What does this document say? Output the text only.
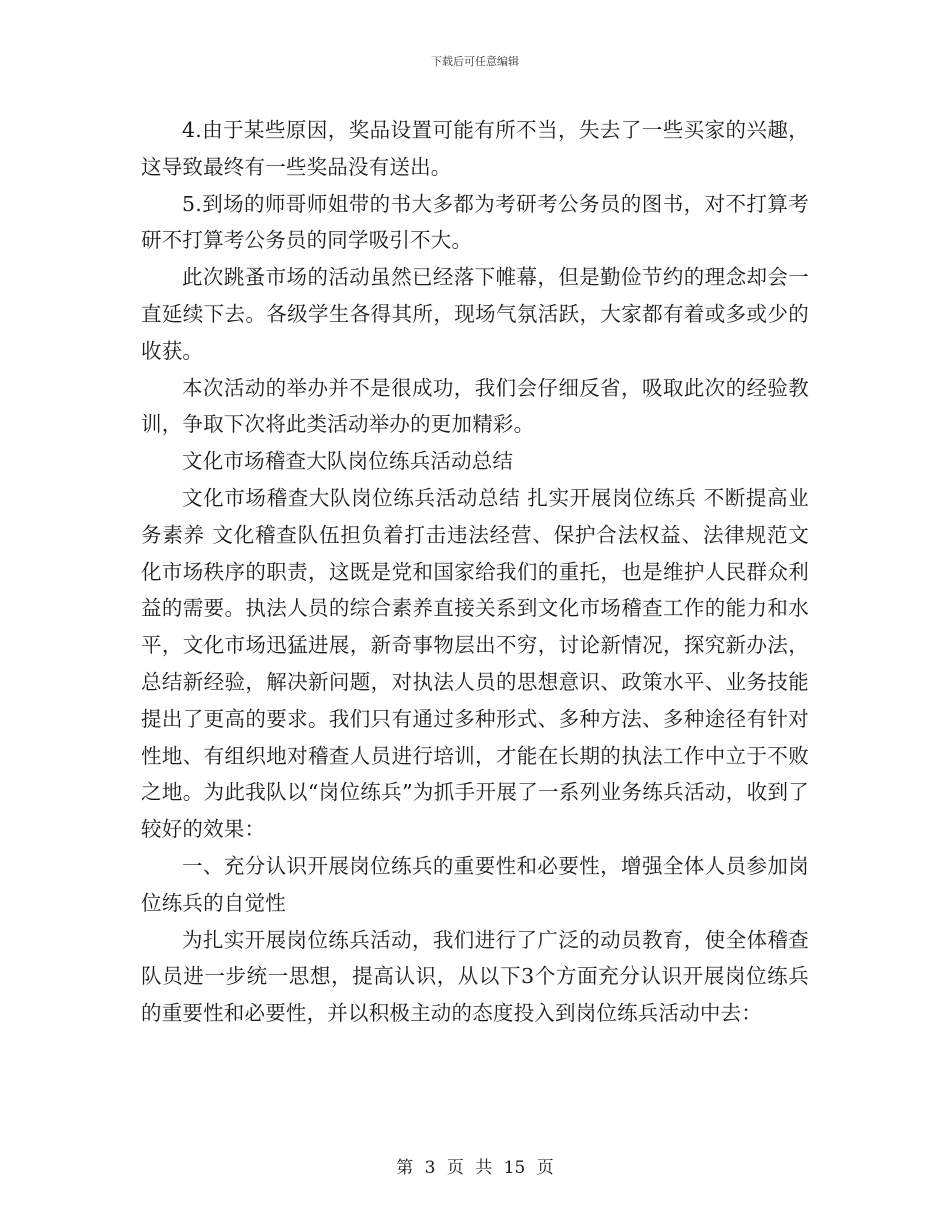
下载后可任意编辑

4.由于某些原因，奖品设置可能有所不当，失去了一些买家的兴趣，这导致最终有一些奖品没有送出。

5.到场的师哥师姐带的书大多都为考研考公务员的图书，对不打算考研不打算考公务员的同学吸引不大。

此次跳蚤市场的活动虽然已经落下帷幕，但是勤俭节约的理念却会一直延续下去。各级学生各得其所，现场气氛活跃，大家都有着或多或少的收获。

本次活动的举办并不是很成功，我们会仔细反省，吸取此次的经验教训，争取下次将此类活动举办的更加精彩。

文化市场稽查大队岗位练兵活动总结

文化市场稽查大队岗位练兵活动总结 扎实开展岗位练兵 不断提高业务素养 文化稽查队伍担负着打击违法经营、保护合法权益、法律规范文化市场秩序的职责，这既是党和国家给我们的重托，也是维护人民群众利益的需要。执法人员的综合素养直接关系到文化市场稽查工作的能力和水平，文化市场迅猛进展，新奇事物层出不穷，讨论新情况，探究新办法，总结新经验，解决新问题，对执法人员的思想意识、政策水平、业务技能提出了更高的要求。我们只有通过多种形式、多种方法、多种途径有针对性地、有组织地对稽查人员进行培训，才能在长期的执法工作中立于不败之地。为此我队以“岗位练兵”为抓手开展了一系列业务练兵活动，收到了较好的效果：

一、充分认识开展岗位练兵的重要性和必要性，增强全体人员参加岗位练兵的自觉性

为扎实开展岗位练兵活动，我们进行了广泛的动员教育，使全体稽查队员进一步统一思想，提高认识，从以下3个方面充分认识开展岗位练兵的重要性和必要性，并以积极主动的态度投入到岗位练兵活动中去：

第 3 页 共 15 页
